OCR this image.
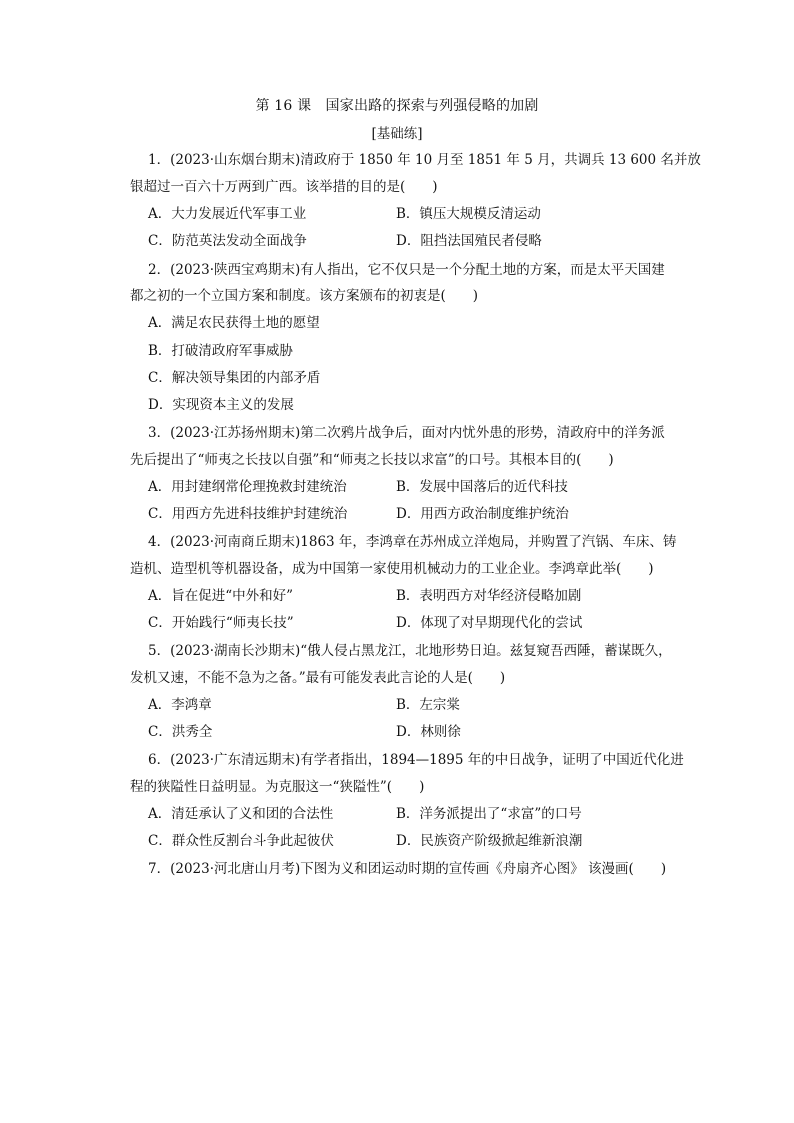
第 16 课　国家出路的探索与列强侵略的加剧
[基础练]
1．(2023·山东烟台期末)清政府于 1850 年 10 月至 1851 年 5 月，共调兵 13 600 名并放
银超过一百六十万两到广西。该举措的目的是(　　)
A．大力发展近代军事工业	B．镇压大规模反清运动
C．防范英法发动全面战争	D．阻挡法国殖民者侵略
2．(2023·陕西宝鸡期末)有人指出，它不仅只是一个分配土地的方案，而是太平天国建
都之初的一个立国方案和制度。该方案颁布的初衷是(　　)
A．满足农民获得土地的愿望
B．打破清政府军事威胁
C．解决领导集团的内部矛盾
D．实现资本主义的发展
3．(2023·江苏扬州期末)第二次鸦片战争后，面对内忧外患的形势，清政府中的洋务派
先后提出了“师夷之长技以自强”和“师夷之长技以求富”的口号。其根本目的(　　)
A．用封建纲常伦理挽救封建统治	B．发展中国落后的近代科技
C．用西方先进科技维护封建统治	D．用西方政治制度维护统治
4．(2023·河南商丘期末)1863 年，李鸿章在苏州成立洋炮局，并购置了汽锅、车床、铸
造机、造型机等机器设备，成为中国第一家使用机械动力的工业企业。李鸿章此举(　　)
A．旨在促进“中外和好”	B．表明西方对华经济侵略加剧
C．开始践行“师夷长技”	D．体现了对早期现代化的尝试
5．(2023·湖南长沙期末)“俄人侵占黑龙江，北地形势日迫。兹复窥吾西陲，蓄谋既久，
发机又速，不能不急为之备。”最有可能发表此言论的人是(　　)
A．李鸿章	B．左宗棠
C．洪秀全	D．林则徐
6．(2023·广东清远期末)有学者指出，1894—1895 年的中日战争，证明了中国近代化进
程的狭隘性日益明显。为克服这一“狭隘性”(　　)
A．清廷承认了义和团的合法性	B．洋务派提出了“求富”的口号
C．群众性反割台斗争此起彼伏	D．民族资产阶级掀起维新浪潮
7．(2023·河北唐山月考)下图为义和团运动时期的宣传画《舟扇齐心图》 该漫画(　　)
